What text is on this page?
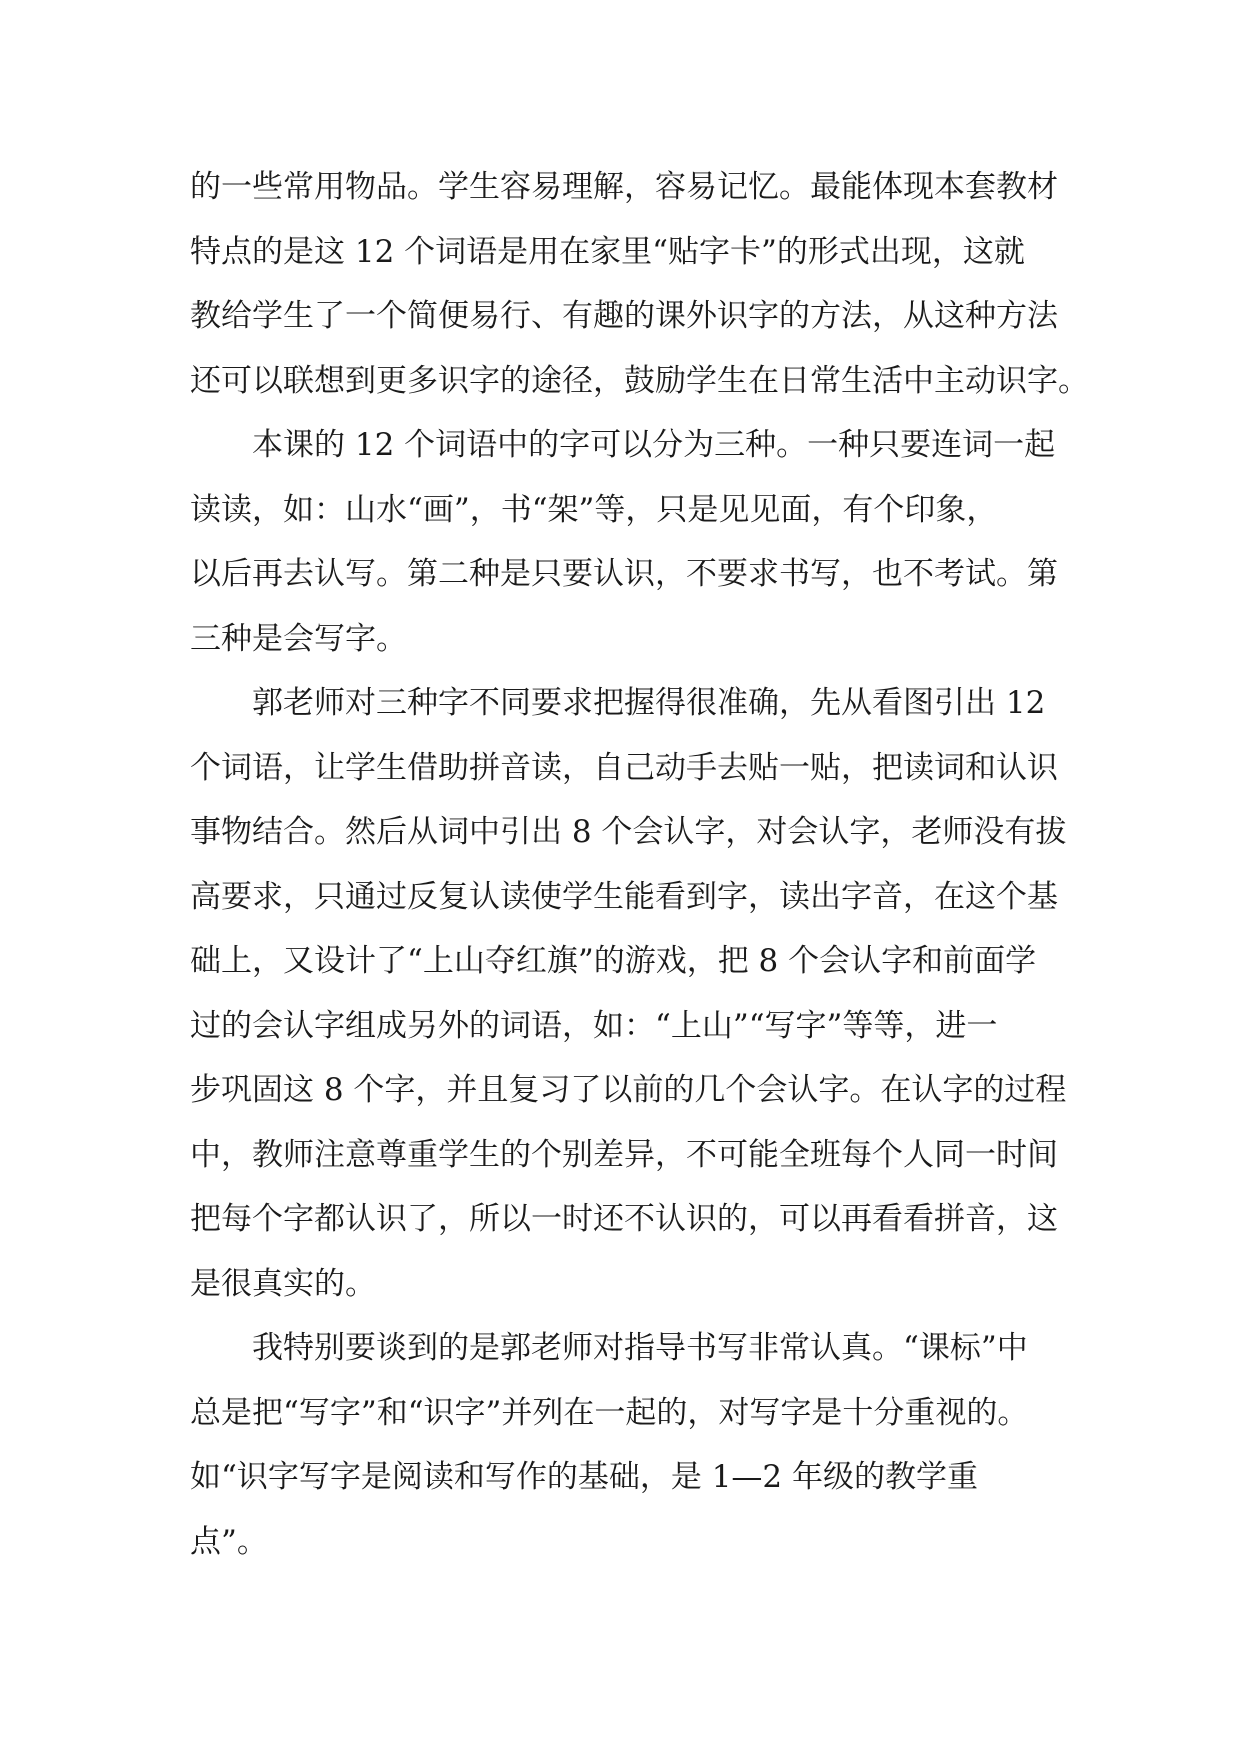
的一些常用物品。学生容易理解，容易记忆。最能体现本套教材
特点的是这 12 个词语是用在家里“贴字卡”的形式出现，这就
教给学生了一个简便易行、有趣的课外识字的方法，从这种方法
还可以联想到更多识字的途径，鼓励学生在日常生活中主动识字。
本课的 12 个词语中的字可以分为三种。一种只要连词一起
读读，如：山水“画”，书“架”等，只是见见面，有个印象，
以后再去认写。第二种是只要认识，不要求书写，也不考试。第
三种是会写字。
郭老师对三种字不同要求把握得很准确，先从看图引出 12
个词语，让学生借助拼音读，自己动手去贴一贴，把读词和认识
事物结合。然后从词中引出 8 个会认字，对会认字，老师没有拔
高要求，只通过反复认读使学生能看到字，读出字音，在这个基
础上，又设计了“上山夺红旗”的游戏，把 8 个会认字和前面学
过的会认字组成另外的词语，如：“上山”“写字”等等，进一
步巩固这 8 个字，并且复习了以前的几个会认字。在认字的过程
中，教师注意尊重学生的个别差异，不可能全班每个人同一时间
把每个字都认识了，所以一时还不认识的，可以再看看拼音，这
是很真实的。
我特别要谈到的是郭老师对指导书写非常认真。“课标”中
总是把“写字”和“识字”并列在一起的，对写字是十分重视的。
如“识字写字是阅读和写作的基础，是 1—2 年级的教学重
点”。
